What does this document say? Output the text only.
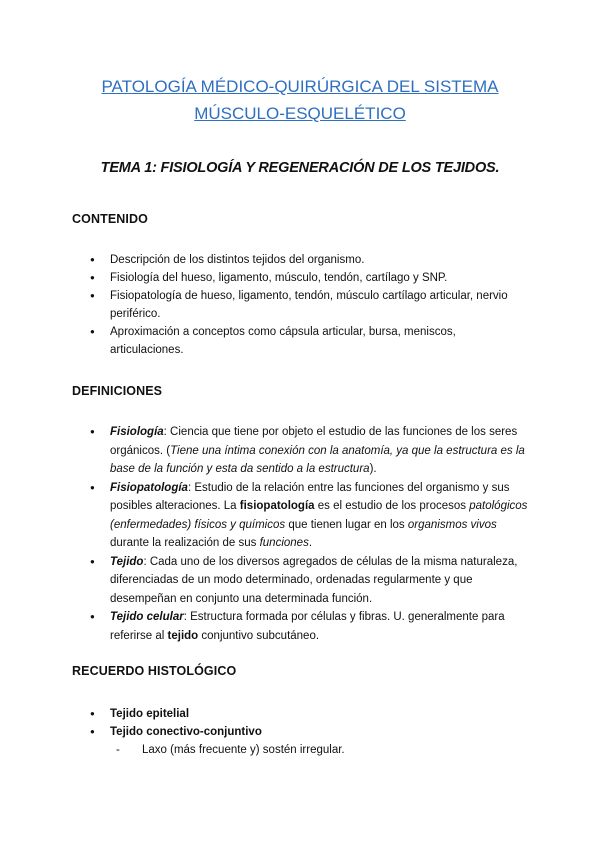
PATOLOGÍA MÉDICO-QUIRÚRGICA DEL SISTEMA
MÚSCULO-ESQUELÉTICO
TEMA 1: FISIOLOGÍA Y REGENERACIÓN DE LOS TEJIDOS.
CONTENIDO
● Descripción de los distintos tejidos del organismo.
● Fisiología del hueso, ligamento, músculo, tendón, cartílago y SNP.
● Fisiopatología de hueso, ligamento, tendón, músculo cartílago articular, nervio periférico.
● Aproximación a conceptos como cápsula articular, bursa, meniscos, articulaciones.
DEFINICIONES
● Fisiología: Ciencia que tiene por objeto el estudio de las funciones de los seres orgánicos. (Tiene una íntima conexión con la anatomía, ya que la estructura es la base de la función y esta da sentido a la estructura).
● Fisiopatología: Estudio de la relación entre las funciones del organismo y sus posibles alteraciones. La fisiopatología es el estudio de los procesos patológicos (enfermedades) físicos y químicos que tienen lugar en los organismos vivos durante la realización de sus funciones.
● Tejido: Cada uno de los diversos agregados de células de la misma naturaleza, diferenciadas de un modo determinado, ordenadas regularmente y que desempeñan en conjunto una determinada función.
● Tejido celular: Estructura formada por células y fibras. U. generalmente para referirse al tejido conjuntivo subcutáneo.
RECUERDO HISTOLÓGICO
● Tejido epitelial
● Tejido conectivo-conjuntivo
- Laxo (más frecuente y) sostén irregular.
